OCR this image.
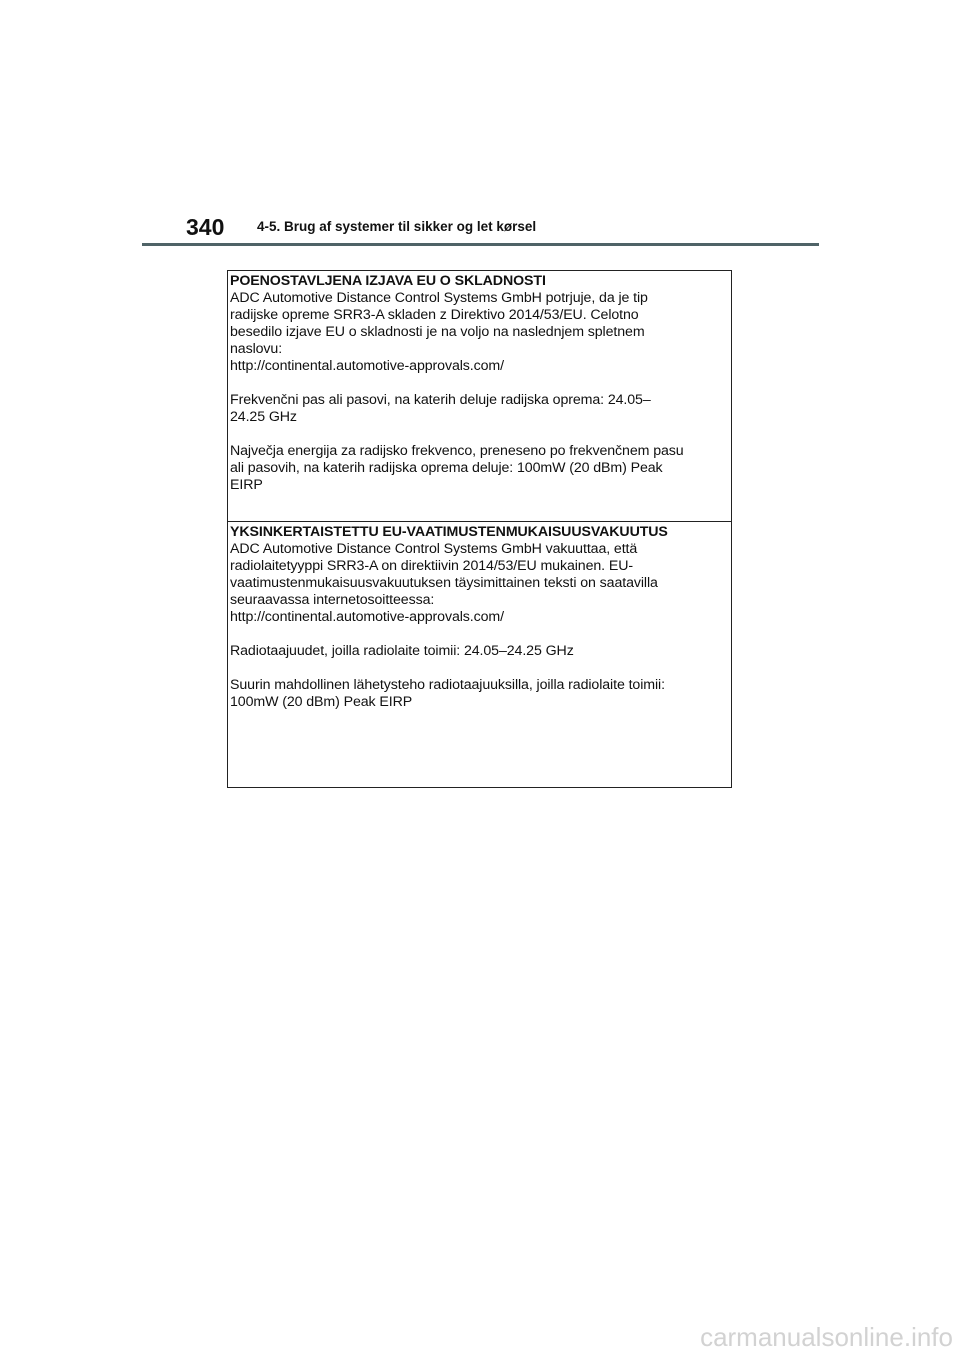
340 4-5. Brug af systemer til sikker og let kørsel
POENOSTAVLJENA IZJAVA EU O SKLADNOSTI

ADC Automotive Distance Control Systems GmbH potrjuje, da je tip
radijske opreme SRR3-A skladen z Direktivo 2014/53/EU. Celotno
besedilo izjave EU o skladnosti je na voljo na naslednjem spletnem
naslovu:
http://continental.automotive-approvals.com/

Frekvenčni pas ali pasovi, na katerih deluje radijska oprema: 24.05–
24.25 GHz

Največja energija za radijsko frekvenco, preneseno po frekvenčnem pasu
ali pasovih, na katerih radijska oprema deluje: 100mW (20 dBm) Peak
EIRP

YKSINKERTAISTETTU EU-VAATIMUSTENMUKAISUUSVAKUUTUS

ADC Automotive Distance Control Systems GmbH vakuuttaa, että
radiolaitetyyppi SRR3-A on direktiivin 2014/53/EU mukainen. EU-
vaatimustenmukaisuusvakuutuksen täysimittainen teksti on saatavilla
seuraavassa internetosoitteessa:
http://continental.automotive-approvals.com/

Radiotaajuudet, joilla radiolaite toimii: 24.05–24.25 GHz

Suurin mahdollinen lähetysteho radiotaajuuksilla, joilla radiolaite toimii:
100mW (20 dBm) Peak EIRP

carmanualsonline.info
